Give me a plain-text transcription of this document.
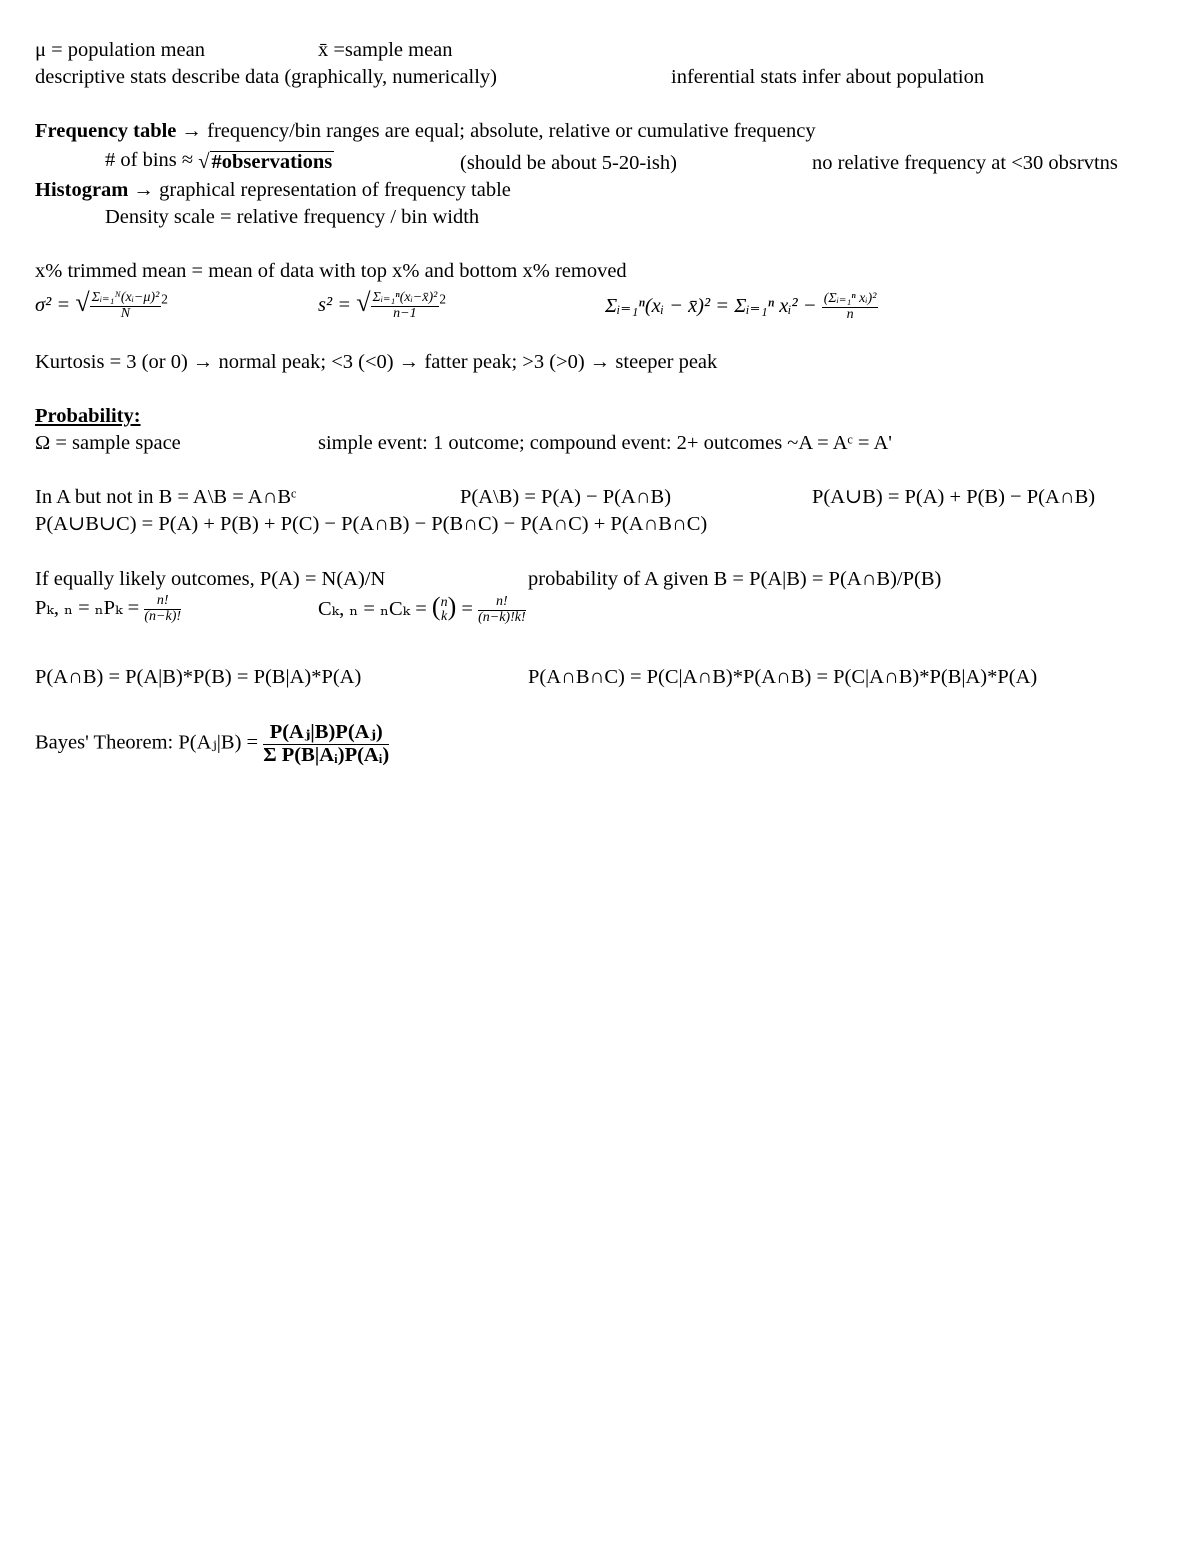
μ = population mean	x̄ =sample mean
descriptive stats describe data (graphically, numerically)	inferential stats infer about population
Frequency table → frequency/bin ranges are equal; absolute, relative or cumulative frequency
# of bins ≈ √#observations	(should be about 5-20-ish)	no relative frequency at <30 obsrvtns
Histogram → graphical representation of frequency table
Density scale = relative frequency / bin width
x% trimmed mean = mean of data with top x% and bottom x% removed
σ² = √ $\frac{\text{Σᵢ₌₁ᴺ(xᵢ−μ)²}}{N} ^2$	s² = √ $\frac{\text{Σᵢ₌₁ⁿ(xᵢ−x̄)²}}{n-1} ^2$	Σᵢ₌₁ⁿ(xᵢ − x̄)² = Σᵢ₌₁ⁿ xᵢ² − $\frac{\text{(Σᵢ₌₁ⁿ xᵢ)²}}{n}$
Kurtosis = 3 (or 0) → normal peak; <3 (<0) → fatter peak; >3 (>0) → steeper peak
Probability:
Ω = sample space	simple event: 1 outcome; compound event: 2+ outcomes ~A = Aᶜ = A'
In A but not in B = A\B = A∩Bᶜ	P(A\B) = P(A) − P(A∩B)	P(A∪B) = P(A) + P(B) − P(A∩B)
P(A∪B∪C) = P(A) + P(B) + P(C) − P(A∩B) − P(B∩C) − P(A∩C) + P(A∩B∩C)
If equally likely outcomes, P(A) = N(A)/N	probability of A given B = P(A|B) = P(A∩B)/P(B)
Pₖ, $_n = _nP_k = \frac{n!}{(n-k)!}$	Cₖ, ₙ = ₙCₖ = ( n
k ) = $\frac{n!}{(n-k)!k!}$
P(A∩B) = P(A|B)*P(B) = P(B|A)*P(A)	P(A∩B∩C) = P(C|A∩B)*P(A∩B) = P(C|A∩B)*P(B|A)*P(A)
Bayes' Theorem: P(Aⱼ|B) = $\frac{\text{P(Aⱼ|B)P(Aⱼ)}}{\text{Σ P(B|Aᵢ)P(Aᵢ)}}$
